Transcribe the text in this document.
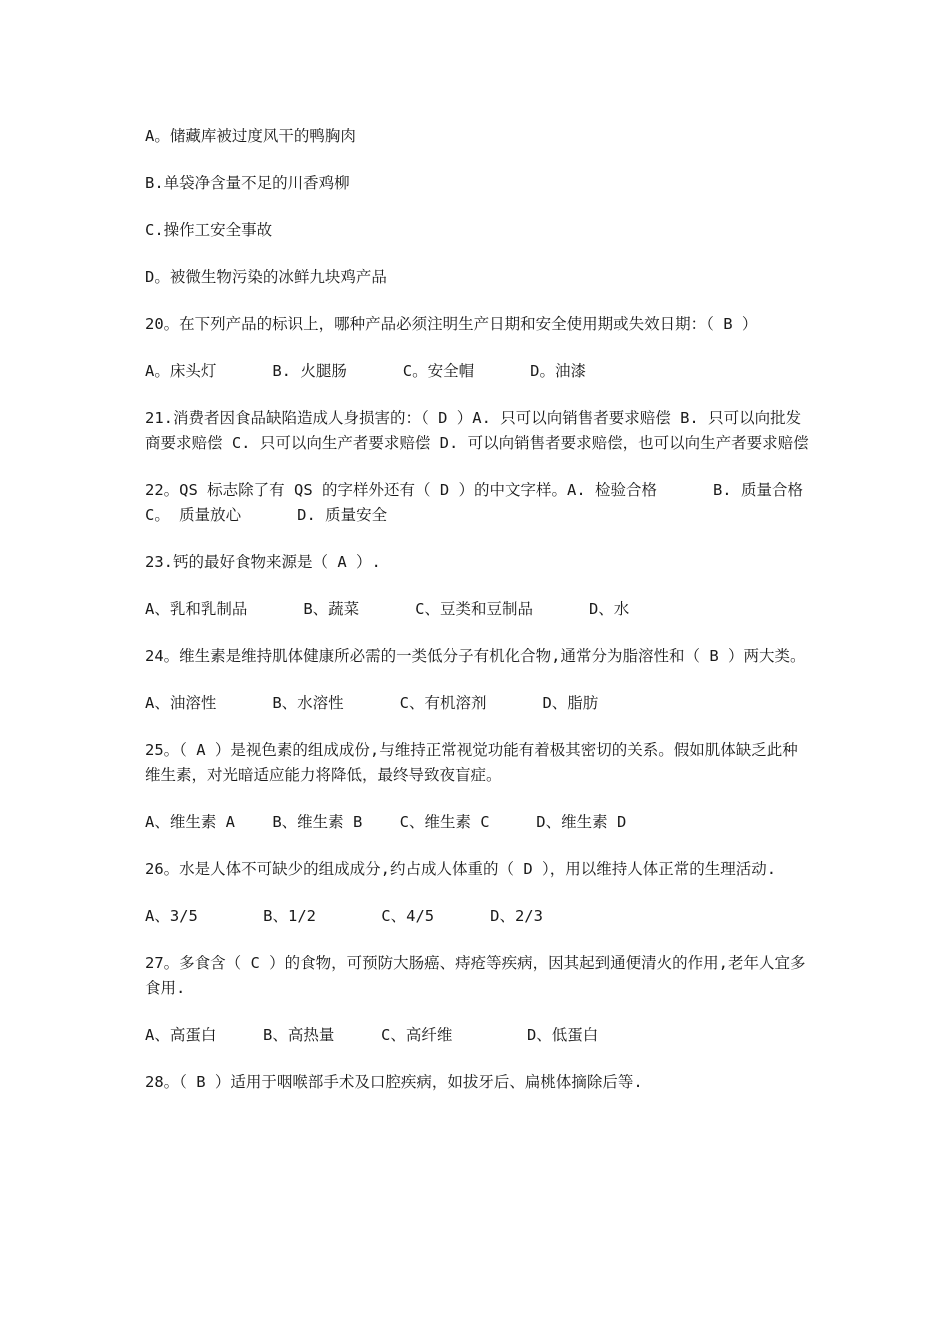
A。储藏库被过度风干的鸭胸肉

B.单袋净含量不足的川香鸡柳

C.操作工安全事故

D。被微生物污染的冰鲜九块鸡产品

20。在下列产品的标识上，哪种产品必须注明生产日期和安全使用期或失效日期：（ B ）

A。床头灯      B. 火腿肠      C。安全帽      D。油漆

21.消费者因食品缺陷造成人身损害的：（ D ）A. 只可以向销售者要求赔偿 B. 只可以向批发商要求赔偿 C. 只可以向生产者要求赔偿 D. 可以向销售者要求赔偿，也可以向生产者要求赔偿

22。QS 标志除了有 QS 的字样外还有（ D ）的中文字样。A. 检验合格      B. 质量合格      C。 质量放心      D. 质量安全

23.钙的最好食物来源是（ A ）.

A、乳和乳制品      B、蔬菜      C、豆类和豆制品      D、水

24。维生素是维持肌体健康所必需的一类低分子有机化合物,通常分为脂溶性和（ B ）两大类。

A、油溶性      B、水溶性      C、有机溶剂      D、脂肪

25。（ A ）是视色素的组成成份,与维持正常视觉功能有着极其密切的关系。假如肌体缺乏此种维生素，对光暗适应能力将降低，最终导致夜盲症。

A、维生素 A    B、维生素 B    C、维生素 C     D、维生素 D

26。水是人体不可缺少的组成成分,约占成人体重的（ D ），用以维持人体正常的生理活动.

A、3/5       B、1/2       C、4/5      D、2/3

27。多食含（ C ）的食物，可预防大肠癌、痔疮等疾病，因其起到通便清火的作用,老年人宜多食用.

A、高蛋白     B、高热量     C、高纤维        D、低蛋白

28。（ B ）适用于咽喉部手术及口腔疾病，如拔牙后、扁桃体摘除后等.
